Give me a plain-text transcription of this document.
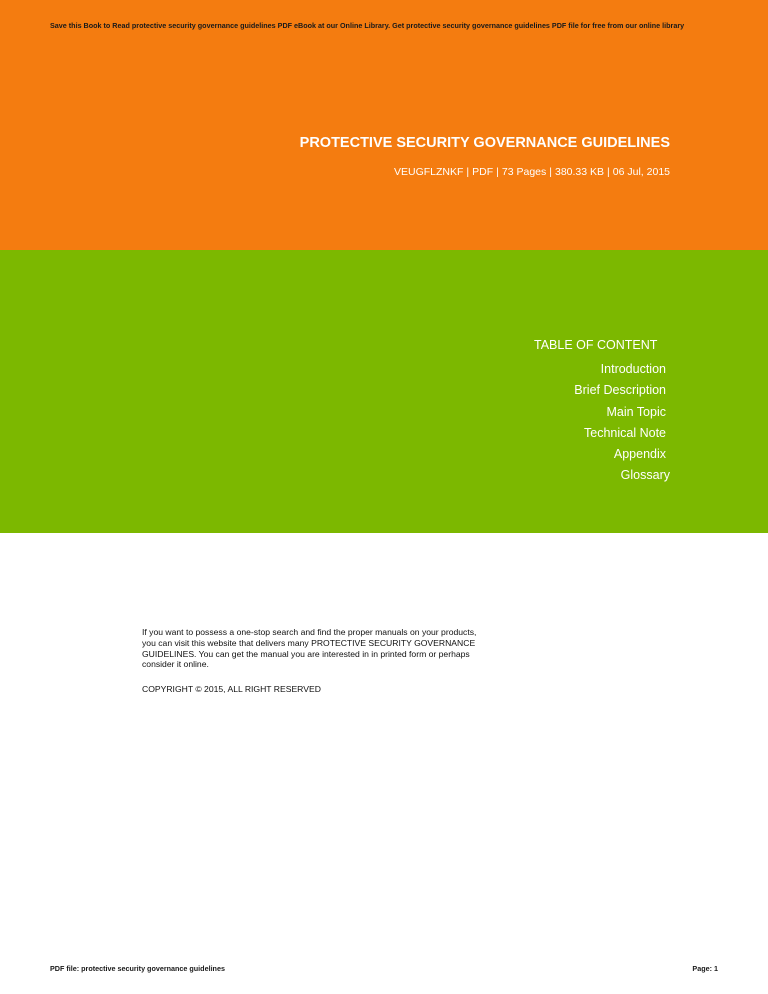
Save this Book to Read protective security governance guidelines PDF eBook at our Online Library. Get protective security governance guidelines PDF file for free from our online library
PROTECTIVE SECURITY GOVERNANCE GUIDELINES
VEUGFLZNKF | PDF | 73 Pages | 380.33 KB | 06 Jul, 2015
TABLE OF CONTENT
Introduction
Brief Description
Main Topic
Technical Note
Appendix
Glossary
If you want to possess a one-stop search and find the proper manuals on your products, you can visit this website that delivers many PROTECTIVE SECURITY GOVERNANCE GUIDELINES. You can get the manual you are interested in in printed form or perhaps consider it online.
COPYRIGHT © 2015, ALL RIGHT RESERVED
PDF file: protective security governance guidelines	Page: 1
